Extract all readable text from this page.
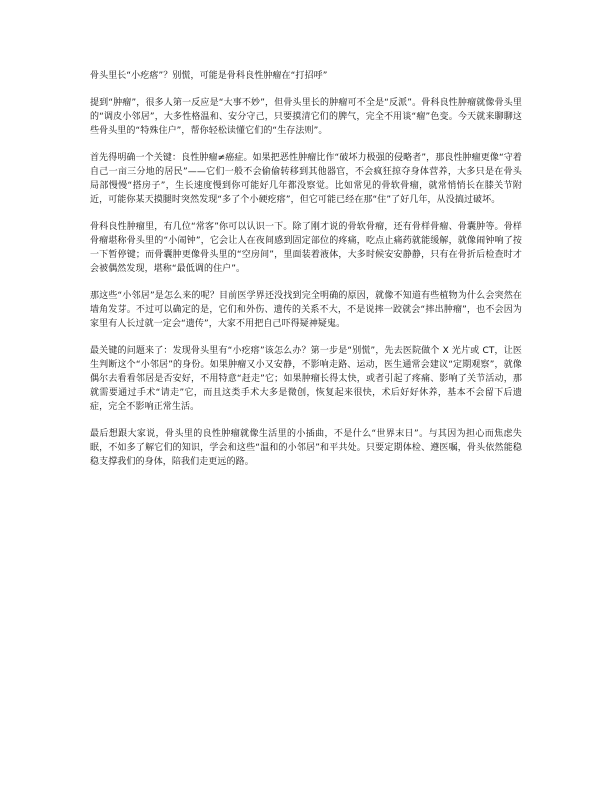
骨头里长“小疙瘩”？别慌，可能是骨科良性肿瘤在“打招呼”

提到“肿瘤”，很多人第一反应是“大事不妙”，但骨头里长的肿瘤可不全是“反派”。骨科良性肿瘤就像骨头里的“调皮小邻居”，大多性格温和、安分守己，只要摸清它们的脾气，完全不用谈“瘤”色变。今天就来聊聊这些骨头里的“特殊住户”，帮你轻松读懂它们的“生存法则”。

首先得明确一个关键：良性肿瘤≠癌症。如果把恶性肿瘤比作“破坏力极强的侵略者”，那良性肿瘤更像“守着自己一亩三分地的居民”——它们一般不会偷偷转移到其他器官，不会疯狂掠夺身体营养，大多只是在骨头局部慢慢“搭房子”，生长速度慢到你可能好几年都没察觉。比如常见的骨软骨瘤，就常悄悄长在膝关节附近，可能你某天摸腿时突然发现“多了个小硬疙瘩”，但它可能已经在那“住”了好几年，从没搞过破坏。

骨科良性肿瘤里，有几位“常客”你可以认识一下。除了刚才说的骨软骨瘤，还有骨样骨瘤、骨囊肿等。骨样骨瘤堪称骨头里的“小闹钟”，它会让人在夜间感到固定部位的疼痛，吃点止痛药就能缓解，就像闹钟响了按一下暂停键；而骨囊肿更像骨头里的“空房间”，里面装着液体，大多时候安安静静，只有在骨折后检查时才会被偶然发现，堪称“最低调的住户”。

那这些“小邻居”是怎么来的呢？目前医学界还没找到完全明确的原因，就像不知道有些植物为什么会突然在墙角发芽。不过可以确定的是，它们和外伤、遗传的关系不大，不是说摔一跤就会“摔出肿瘤”，也不会因为家里有人长过就一定会“遗传”，大家不用把自己吓得疑神疑鬼。

最关键的问题来了：发现骨头里有“小疙瘩”该怎么办？第一步是“别慌”，先去医院做个 X 光片或 CT，让医生判断这个“小邻居”的身份。如果肿瘤又小又安静，不影响走路、运动，医生通常会建议“定期观察”，就像偶尔去看看邻居是否安好，不用特意“赶走”它；如果肿瘤长得太快，或者引起了疼痛、影响了关节活动，那就需要通过手术“请走”它，而且这类手术大多是微创，恢复起来很快，术后好好休养，基本不会留下后遗症，完全不影响正常生活。

最后想跟大家说，骨头里的良性肿瘤就像生活里的小插曲，不是什么“世界末日”。与其因为担心而焦虑失眠，不如多了解它们的知识，学会和这些“温和的小邻居”和平共处。只要定期体检、遵医嘱，骨头依然能稳稳支撑我们的身体，陪我们走更远的路。
